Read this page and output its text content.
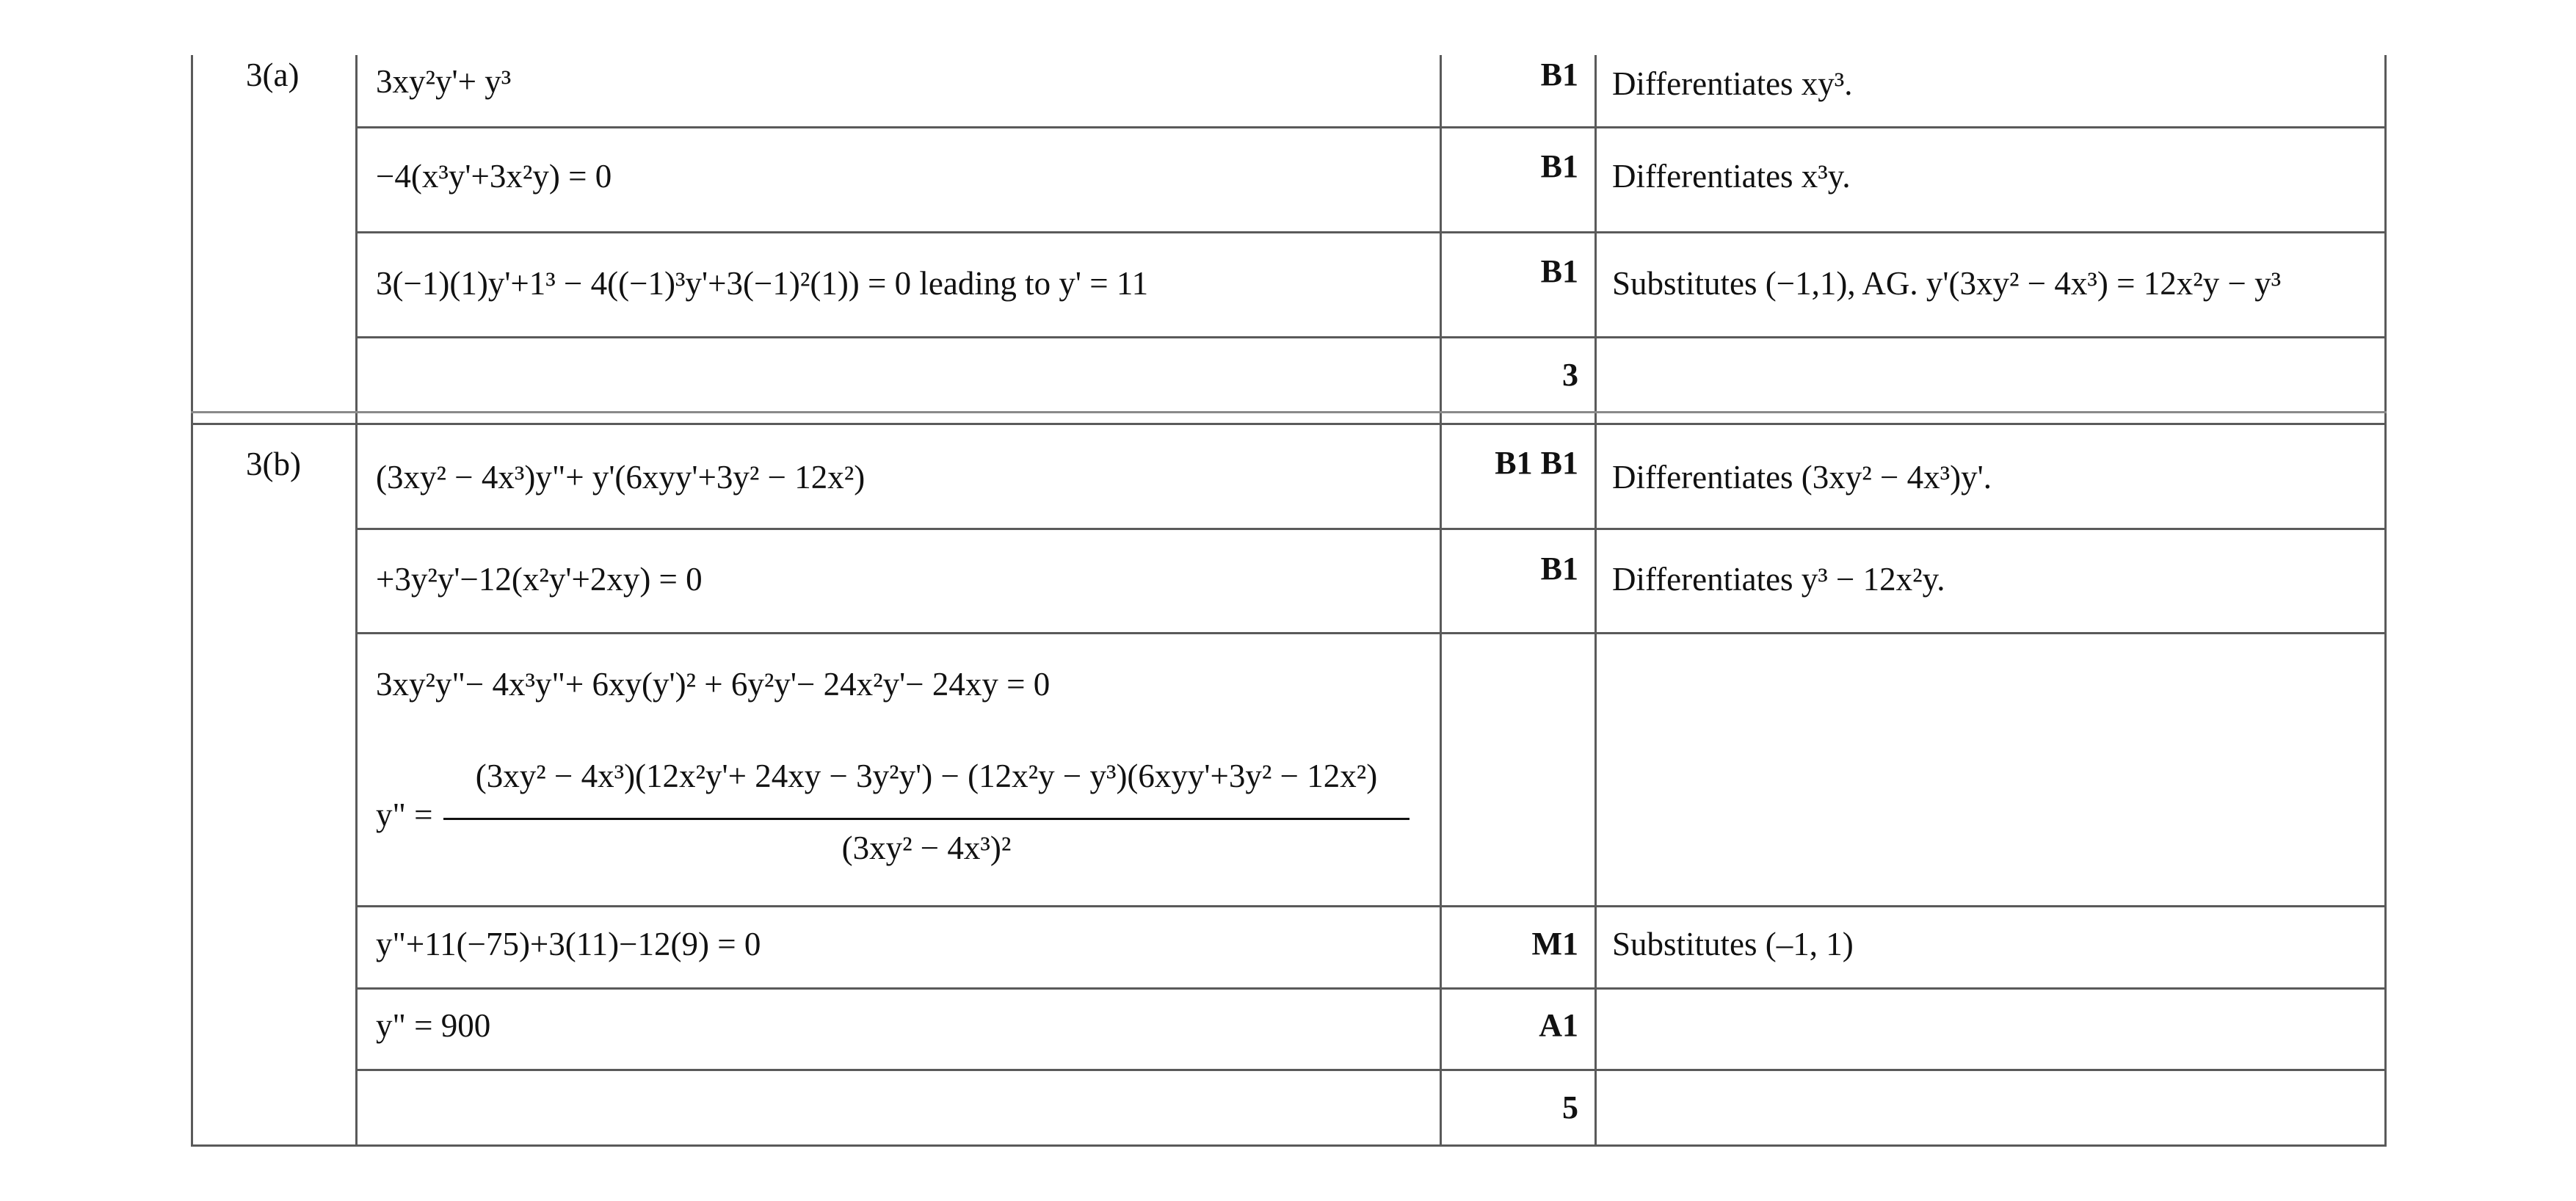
3(a) 3xy²y'+ y³	B1 Differentiates xy³.
−4(x³y'+3x²y) = 0	B1 Differentiates x³y.
3(−1)(1)y'+1³ − 4((−1)³y'+3(−1)²(1)) = 0 leading to y' = 11	B1 Substitutes (−1,1), AG. y'(3xy² − 4x³) = 12x²y − y³
3
3(b) (3xy² − 4x³)y"+ y'(6xyy'+3y² − 12x²)	B1 B1 Differentiates (3xy² − 4x³)y'.
+3y²y'−12(x²y'+2xy) = 0	B1 Differentiates y³ − 12x²y.
3xy²y"− 4x³y"+ 6xy(y')² + 6y²y'− 24x²y'− 24xy = 0
y" =
(3xy² − 4x³)(12x²y'+ 24xy − 3y²y') − (12x²y − y³)(6xyy'+3y² − 12x²)
(3xy² − 4x³)²
y"+11(−75)+3(11)−12(9) = 0	M1 Substitutes (–1, 1)
y" = 900	A1
5
